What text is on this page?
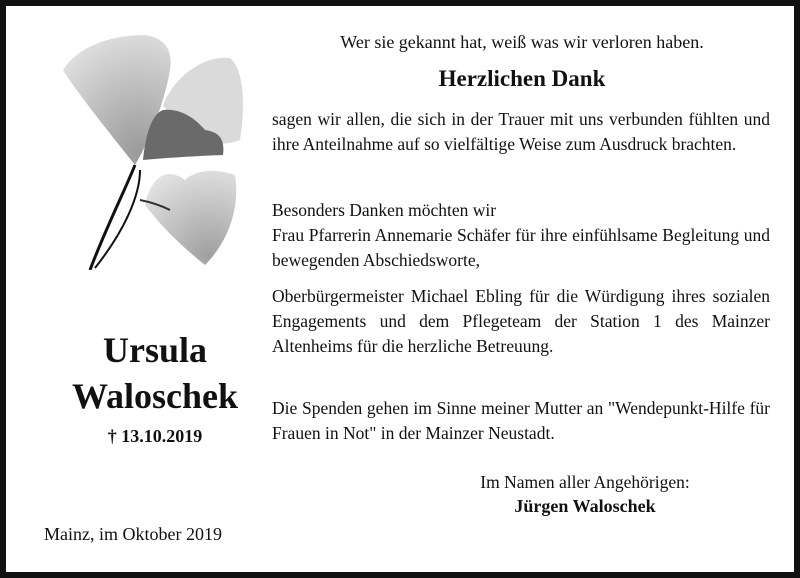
Ursula
Waloschek
† 13.10.2019
Mainz, im Oktober 2019
Wer sie gekannt hat, weiß was wir verloren haben.
Herzlichen Dank
sagen wir allen, die sich in der Trauer mit uns verbunden fühlten und ihre Anteilnahme auf so vielfältige Weise zum Ausdruck brachten.
Besonders Danken möchten wir
Frau Pfarrerin Annemarie Schäfer für ihre einfühlsame Begleitung und bewegenden Abschiedsworte,
Oberbürgermeister Michael Ebling für die Würdigung ihres sozialen Engagements und dem Pflegeteam der Station 1 des Mainzer Altenheims für die herzliche Betreuung.
Die Spenden gehen im Sinne meiner Mutter an "Wendepunkt-Hilfe für Frauen in Not" in der Mainzer Neustadt.
Im Namen aller Angehörigen:
Jürgen Waloschek
